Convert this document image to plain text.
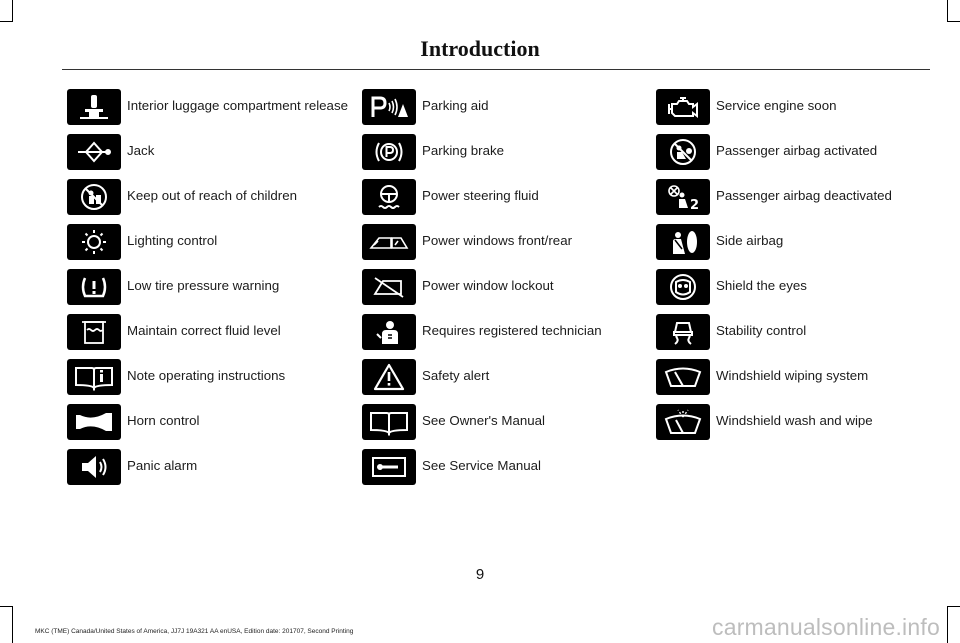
Introduction
Interior luggage compartment release
Jack
Keep out of reach of children
Lighting control
Low tire pressure warning
Maintain correct fluid level
Note operating instructions
Horn control
Panic alarm
Parking aid
Parking brake
Power steering fluid
Power windows front/rear
Power window lockout
Requires registered technician
Safety alert
See Owner's Manual
See Service Manual
Service engine soon
Passenger airbag activated
2
Passenger airbag deactivated
Side airbag
Shield the eyes
Stability control
Windshield wiping system
Windshield wash and wipe
9
MKC (TME) Canada/United States of America, JJ7J 19A321 AA enUSA, Edition date: 201707, Second Printing	carmanualsonline.info
